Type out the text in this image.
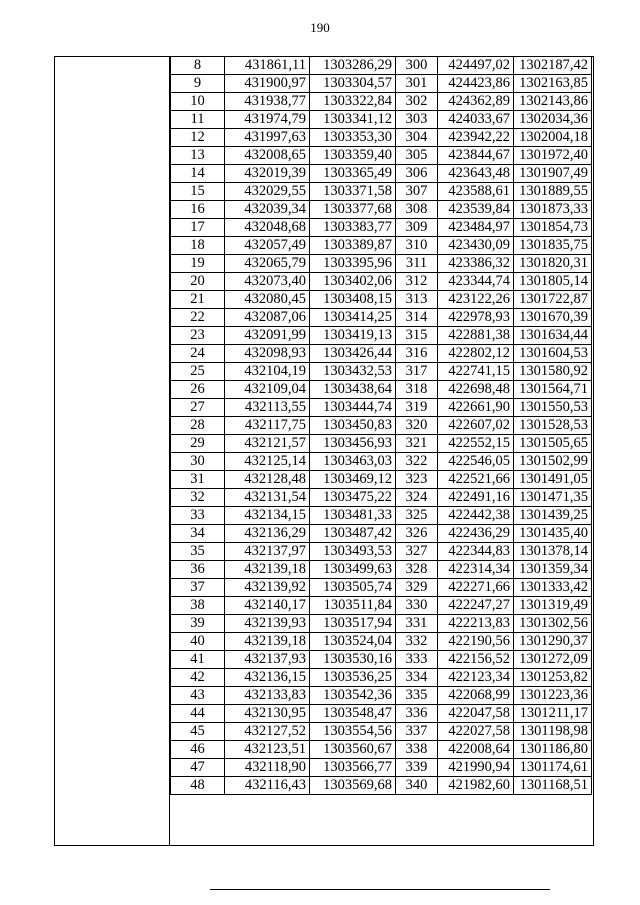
190
8	431861,11	1303286,29	300	424497,02	1302187,42
9	431900,97	1303304,57	301	424423,86	1302163,85
10	431938,77	1303322,84	302	424362,89	1302143,86
11	431974,79	1303341,12	303	424033,67	1302034,36
12	431997,63	1303353,30	304	423942,22	1302004,18
13	432008,65	1303359,40	305	423844,67	1301972,40
14	432019,39	1303365,49	306	423643,48	1301907,49
15	432029,55	1303371,58	307	423588,61	1301889,55
16	432039,34	1303377,68	308	423539,84	1301873,33
17	432048,68	1303383,77	309	423484,97	1301854,73
18	432057,49	1303389,87	310	423430,09	1301835,75
19	432065,79	1303395,96	311	423386,32	1301820,31
20	432073,40	1303402,06	312	423344,74	1301805,14
21	432080,45	1303408,15	313	423122,26	1301722,87
22	432087,06	1303414,25	314	422978,93	1301670,39
23	432091,99	1303419,13	315	422881,38	1301634,44
24	432098,93	1303426,44	316	422802,12	1301604,53
25	432104,19	1303432,53	317	422741,15	1301580,92
26	432109,04	1303438,64	318	422698,48	1301564,71
27	432113,55	1303444,74	319	422661,90	1301550,53
28	432117,75	1303450,83	320	422607,02	1301528,53
29	432121,57	1303456,93	321	422552,15	1301505,65
30	432125,14	1303463,03	322	422546,05	1301502,99
31	432128,48	1303469,12	323	422521,66	1301491,05
32	432131,54	1303475,22	324	422491,16	1301471,35
33	432134,15	1303481,33	325	422442,38	1301439,25
34	432136,29	1303487,42	326	422436,29	1301435,40
35	432137,97	1303493,53	327	422344,83	1301378,14
36	432139,18	1303499,63	328	422314,34	1301359,34
37	432139,92	1303505,74	329	422271,66	1301333,42
38	432140,17	1303511,84	330	422247,27	1301319,49
39	432139,93	1303517,94	331	422213,83	1301302,56
40	432139,18	1303524,04	332	422190,56	1301290,37
41	432137,93	1303530,16	333	422156,52	1301272,09
42	432136,15	1303536,25	334	422123,34	1301253,82
43	432133,83	1303542,36	335	422068,99	1301223,36
44	432130,95	1303548,47	336	422047,58	1301211,17
45	432127,52	1303554,56	337	422027,58	1301198,98
46	432123,51	1303560,67	338	422008,64	1301186,80
47	432118,90	1303566,77	339	421990,94	1301174,61
48	432116,43	1303569,68	340	421982,60	1301168,51
